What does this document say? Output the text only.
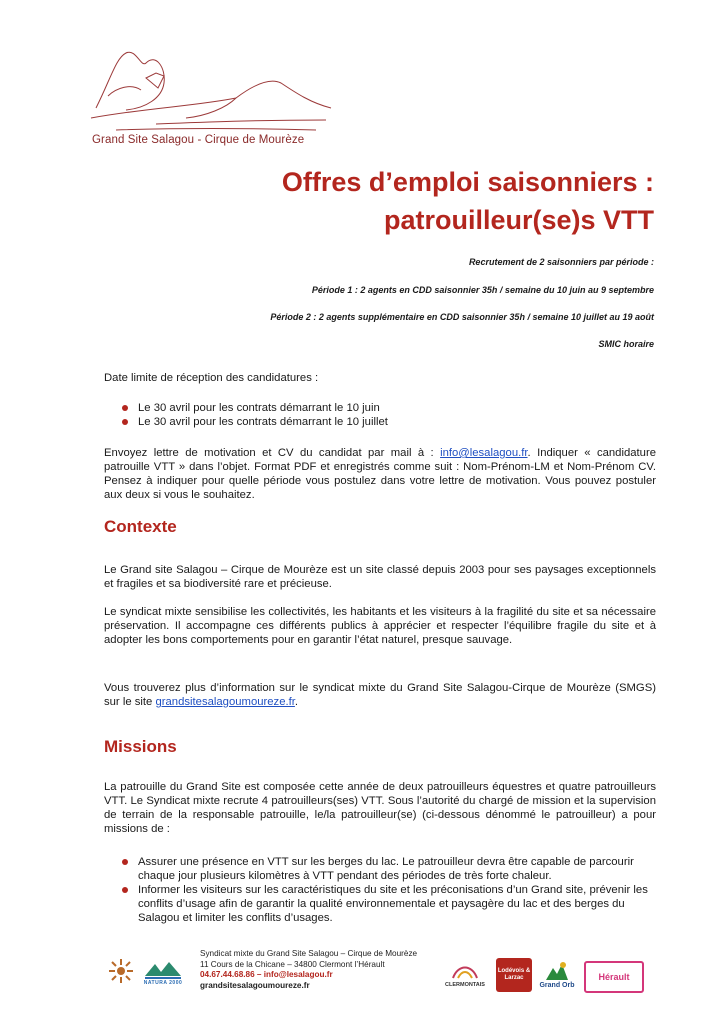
Grand Site Salagou - Cirque de Mourèze
Offres d’emploi saisonniers :
patrouilleur(se)s VTT
Recrutement de 2 saisonniers par période :
Période 1 : 2 agents en CDD saisonnier 35h / semaine du 10 juin au 9 septembre
Période 2 : 2 agents supplémentaire en CDD saisonnier 35h / semaine 10 juillet au 19 août
SMIC horaire
Date limite de réception des candidatures :
Le 30 avril pour les contrats démarrant le 10 juin
Le 30 avril pour les contrats démarrant le 10 juillet
Envoyez lettre de motivation et CV du candidat par mail à : info@lesalagou.fr. Indiquer « candidature patrouille VTT » dans l’objet. Format PDF et enregistrés comme suit : Nom-Prénom-LM et Nom-Prénom CV. Pensez à indiquer pour quelle période vous postulez dans votre lettre de motivation. Vous pouvez postuler aux deux si vous le souhaitez.
Contexte
Le Grand site Salagou – Cirque de Mourèze est un site classé depuis 2003 pour ses paysages exceptionnels et fragiles et sa biodiversité rare et précieuse.
Le syndicat mixte sensibilise les collectivités, les habitants et les visiteurs à la fragilité du site et sa nécessaire préservation. Il accompagne ces différents publics à apprécier et respecter l’équilibre fragile du site et à adopter les bons comportements pour en garantir l’état naturel, presque sauvage.
Vous trouverez plus d’information sur le syndicat mixte du Grand Site Salagou-Cirque de Mourèze (SMGS) sur le site grandsitesalagoumoureze.fr.
Missions
La patrouille du Grand Site est composée cette année de deux patrouilleurs équestres et quatre patrouilleurs VTT. Le Syndicat mixte recrute 4 patrouilleurs(ses) VTT. Sous l’autorité du chargé de mission et la supervision de terrain de la responsable patrouille, le/la patrouilleur(se) (ci-dessous dénommé le patrouilleur) a pour missions de :
Assurer une présence en VTT sur les berges du lac. Le patrouilleur devra être capable de parcourir chaque jour plusieurs kilomètres à VTT pendant des périodes de très forte chaleur.
Informer les visiteurs sur les caractéristiques du site et les préconisations d’un Grand site, prévenir les conflits d’usage afin de garantir la qualité environnementale et paysagère du lac et des berges du Salagou et limiter les conflits d’usages.
NATURA 2000
Syndicat mixte du Grand Site Salagou – Cirque de Mourèze
11 Cours de la Chicane – 34800 Clermont l’Hérault
04.67.44.68.86 – info@lesalagou.fr
grandsitesalagoumoureze.fr	CLERMONTAIS
Lodévois & Larzac
Grand Orb
Hérault
